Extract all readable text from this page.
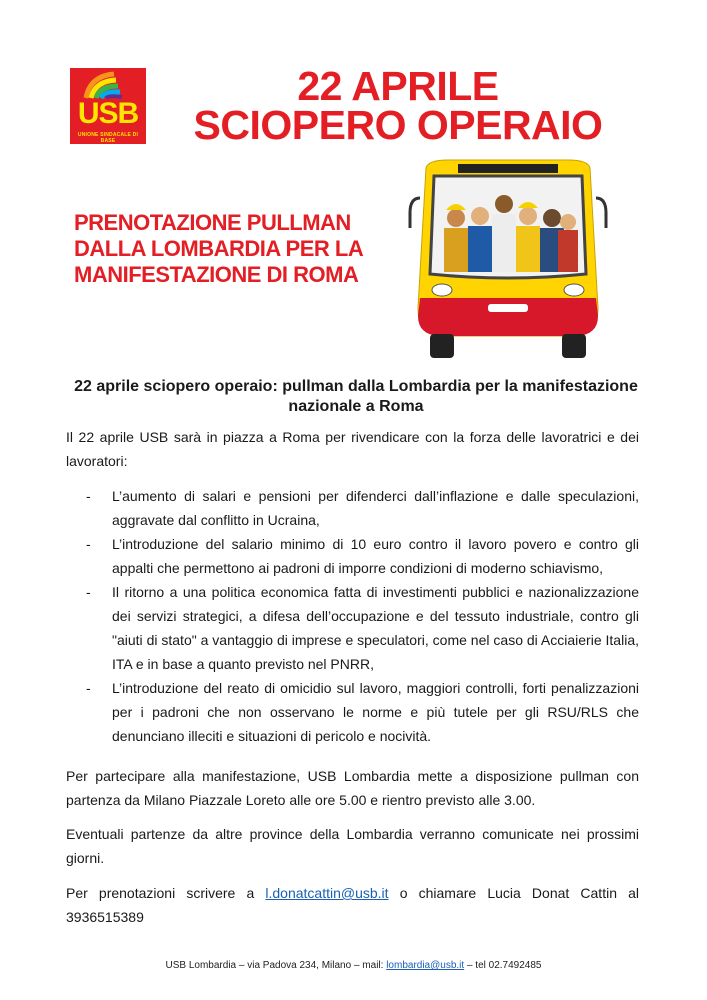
USB
UNIONE SINDACALE DI BASE
22 APRILE
SCIOPERO OPERAIO
PRENOTAZIONE PULLMAN
DALLA LOMBARDIA PER LA
MANIFESTAZIONE DI ROMA
22 aprile sciopero operaio: pullman dalla Lombardia per la manifestazione nazionale a Roma
Il 22 aprile USB sarà in piazza a Roma per rivendicare con la forza delle lavoratrici e dei lavoratori:
- L’aumento di salari e pensioni per difenderci dall’inflazione e dalle speculazioni, aggravate dal conflitto in Ucraina,
- L’introduzione del salario minimo di 10 euro contro il lavoro povero e contro gli appalti che permettono ai padroni di imporre condizioni di moderno schiavismo,
- Il ritorno a una politica economica fatta di investimenti pubblici e nazionalizzazione dei servizi strategici, a difesa dell’occupazione e del tessuto industriale, contro gli "aiuti di stato" a vantaggio di imprese e speculatori, come nel caso di Acciaierie Italia, ITA e in base a quanto previsto nel PNRR,
- L’introduzione del reato di omicidio sul lavoro, maggiori controlli, forti penalizzazioni per i padroni che non osservano le norme e più tutele per gli RSU/RLS che denunciano illeciti e situazioni di pericolo e nocività.
Per partecipare alla manifestazione, USB Lombardia mette a disposizione pullman con partenza da Milano Piazzale Loreto alle ore 5.00 e rientro previsto alle 3.00.
Eventuali partenze da altre province della Lombardia verranno comunicate nei prossimi giorni.
Per prenotazioni scrivere a l.donatcattin@usb.it o chiamare Lucia Donat Cattin al 3936515389
USB Lombardia – via Padova 234, Milano – mail: lombardia@usb.it – tel 02.7492485
